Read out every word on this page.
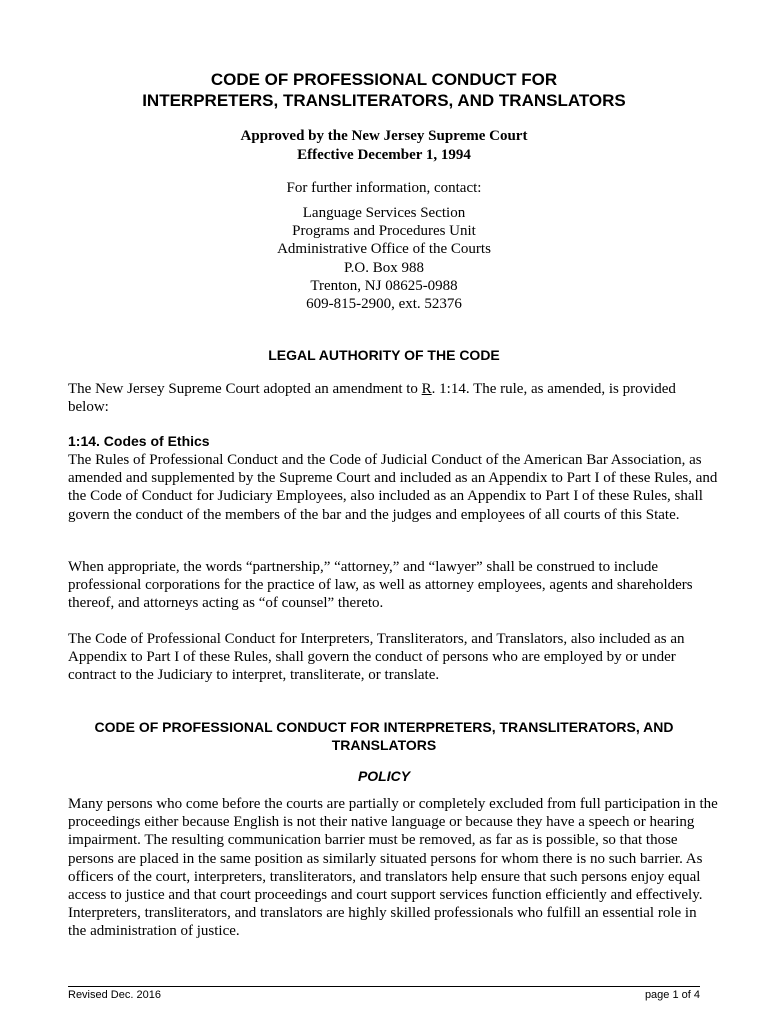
CODE OF PROFESSIONAL CONDUCT FOR
INTERPRETERS, TRANSLITERATORS, AND TRANSLATORS
Approved by the New Jersey Supreme Court
Effective December 1, 1994
For further information, contact:
Language Services Section
Programs and Procedures Unit
Administrative Office of the Courts
P.O. Box 988
Trenton, NJ 08625-0988
609-815-2900, ext. 52376
LEGAL AUTHORITY OF THE CODE

The New Jersey Supreme Court adopted an amendment to R. 1:14. The rule, as amended, is provided below:

1:14. Codes of Ethics

The Rules of Professional Conduct and the Code of Judicial Conduct of the American Bar Association, as amended and supplemented by the Supreme Court and included as an Appendix to Part I of these Rules, and the Code of Conduct for Judiciary Employees, also included as an Appendix to Part I of these Rules, shall govern the conduct of the members of the bar and the judges and employees of all courts of this State.

When appropriate, the words “partnership,” “attorney,” and “lawyer” shall be construed to include professional corporations for the practice of law, as well as attorney employees, agents and shareholders thereof, and attorneys acting as “of counsel” thereto.

The Code of Professional Conduct for Interpreters, Transliterators, and Translators, also included as an Appendix to Part I of these Rules, shall govern the conduct of persons who are employed by or under contract to the Judiciary to interpret, transliterate, or translate.

CODE OF PROFESSIONAL CONDUCT FOR INTERPRETERS, TRANSLITERATORS, AND
TRANSLATORS
POLICY

Many persons who come before the courts are partially or completely excluded from full participation in the proceedings either because English is not their native language or because they have a speech or hearing impairment. The resulting communication barrier must be removed, as far as is possible, so that those persons are placed in the same position as similarly situated persons for whom there is no such barrier. As officers of the court, interpreters, transliterators, and translators help ensure that such persons enjoy equal access to justice and that court proceedings and court support services function efficiently and effectively. Interpreters, transliterators, and translators are highly skilled professionals who fulfill an essential role in the administration of justice.

Revised Dec. 2016	page 1 of 4
